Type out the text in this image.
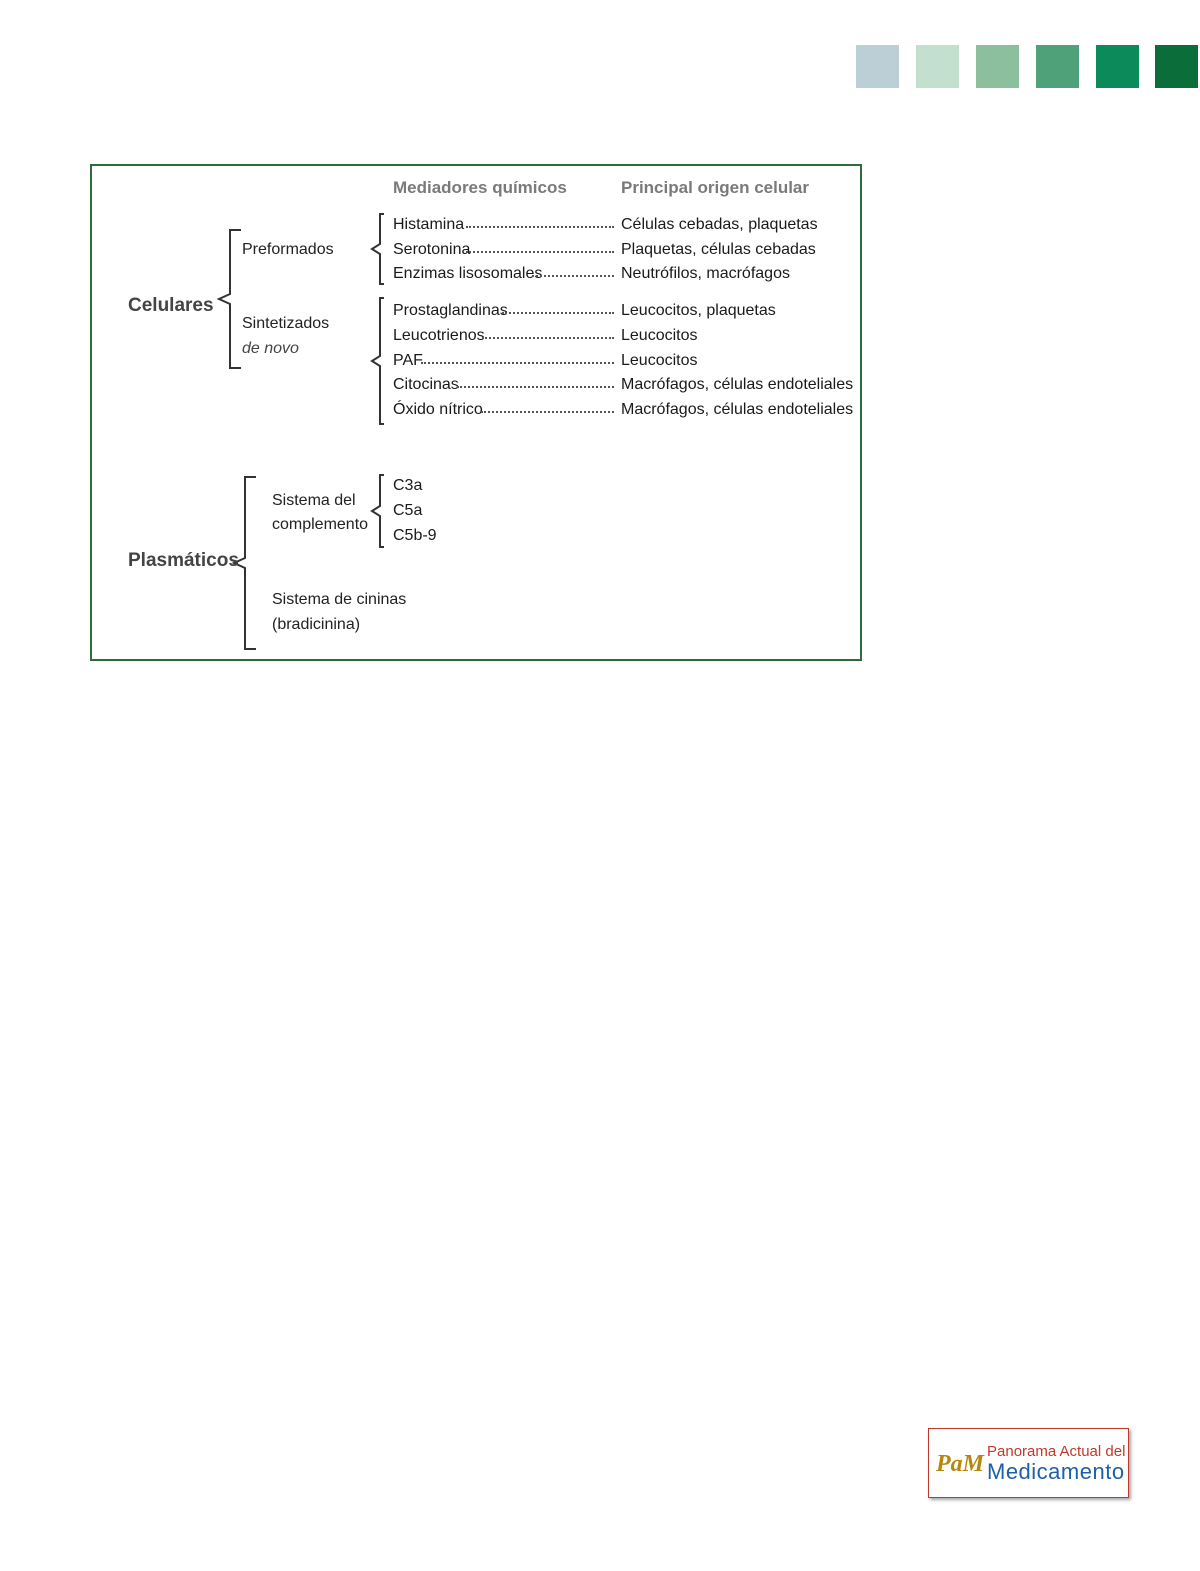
Mediadores químicos	Principal origen celular
Celulares
Preformados
Sintetizados
de novo
Histamina	Células cebadas, plaquetas
Serotonina	Plaquetas, células cebadas
Enzimas lisosomales	Neutrófilos, macrófagos
Prostaglandinas	Leucocitos, plaquetas
Leucotrienos	Leucocitos
PAF	Leucocitos
Citocinas	Macrófagos, células endoteliales
Óxido nítrico	Macrófagos, células endoteliales
Plasmáticos
Sistema del
complemento
C3a
C5a
C5b-9
Sistema de cininas
(bradicinina)
PaM Panorama Actual del
Medicamento
